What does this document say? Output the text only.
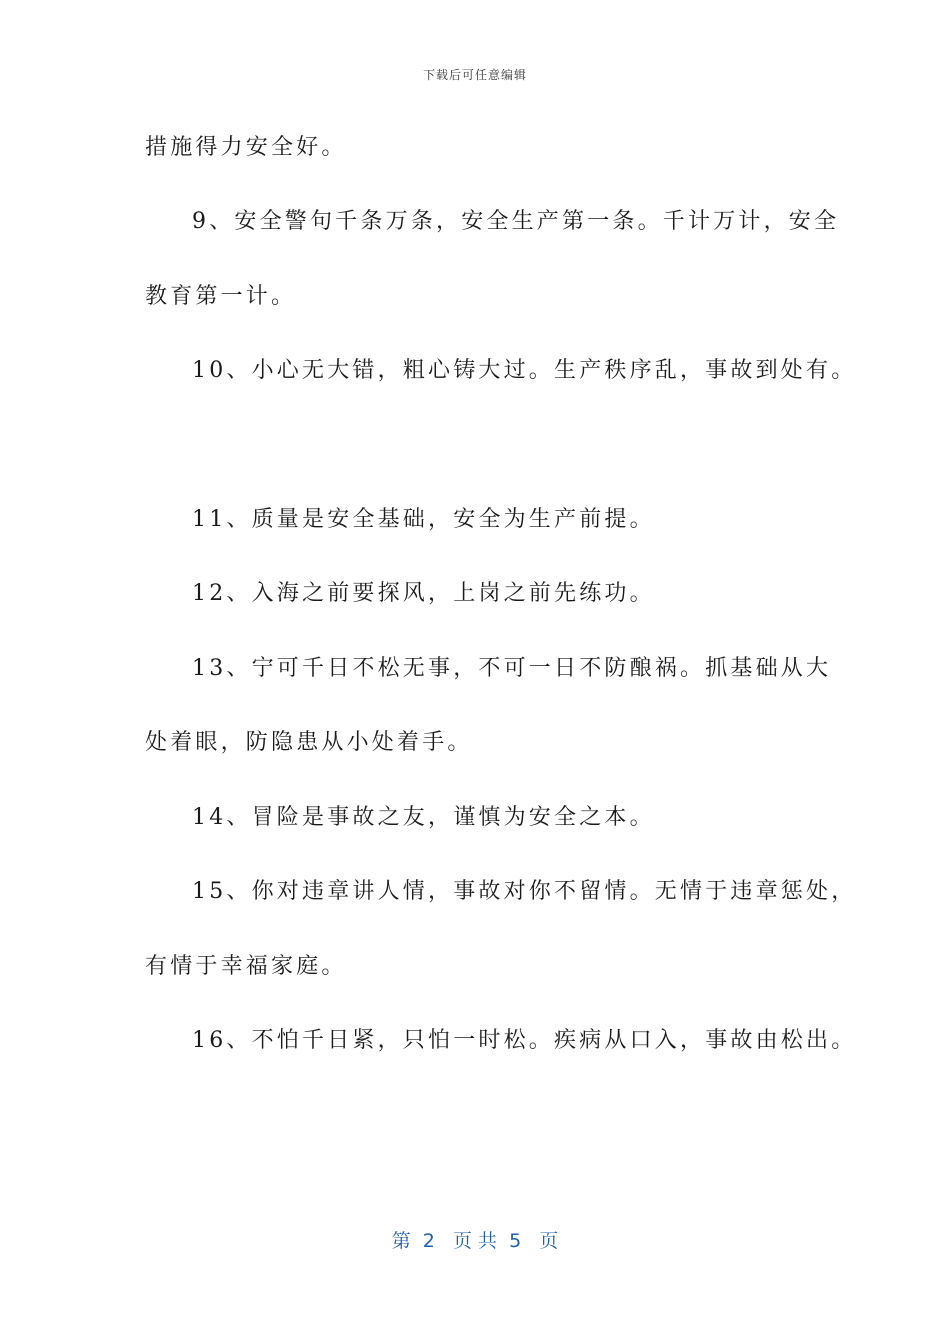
下载后可任意编辑
措施得力安全好。
9、安全警句千条万条，安全生产第一条。千计万计，安全
教育第一计。
10、小心无大错，粗心铸大过。生产秩序乱，事故到处有。
11、质量是安全基础，安全为生产前提。
12、入海之前要探风，上岗之前先练功。
13、宁可千日不松无事，不可一日不防酿祸。抓基础从大
处着眼，防隐患从小处着手。
14、冒险是事故之友，谨慎为安全之本。
15、你对违章讲人情，事故对你不留情。无情于违章惩处，
有情于幸福家庭。
16、不怕千日紧，只怕一时松。疾病从口入，事故由松出。
第  2   页 共  5   页
